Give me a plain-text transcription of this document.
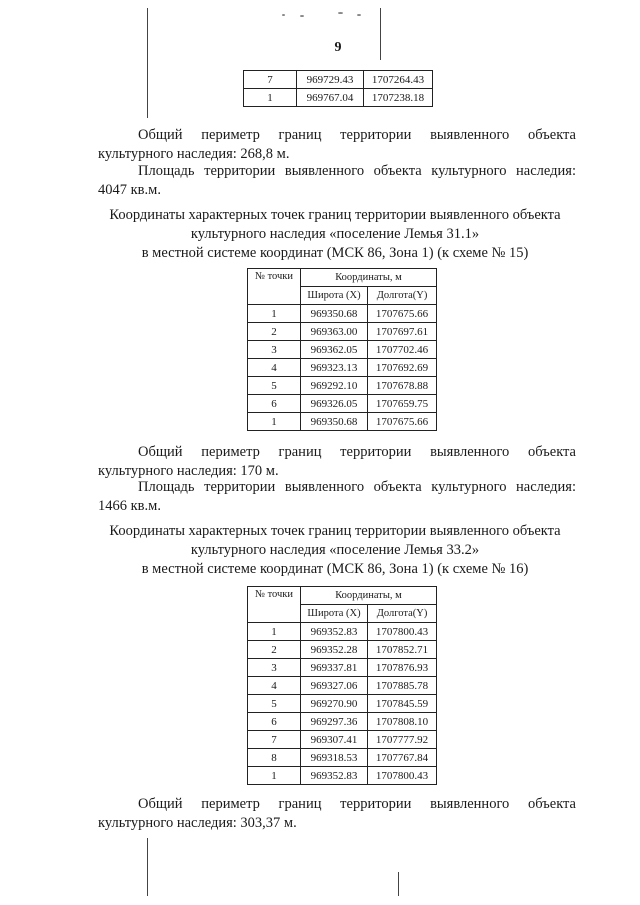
9
7	969729.43	1707264.43
1	969767.04	1707238.18

Общий периметр границ территории выявленного объекта
культурного наследия: 268,8 м.

Площадь территории выявленного объекта культурного наследия:
4047 кв.м.

Координаты характерных точек границ территории выявленного объекта
культурного наследия «поселение Лемья 31.1»
в местной системе координат (МСК 86, Зона 1) (к схеме № 15)
№ точки	Координаты, м	
	Широта (X)	Долгота(Y)
1	969350.68	1707675.66
2	969363.00	1707697.61
3	969362.05	1707702.46
4	969323.13	1707692.69
5	969292.10	1707678.88
6	969326.05	1707659.75
1	969350.68	1707675.66

Общий периметр границ территории выявленного объекта
культурного наследия: 170 м.

Площадь территории выявленного объекта культурного наследия:
1466 кв.м.

Координаты характерных точек границ территории выявленного объекта
культурного наследия «поселение Лемья 33.2»
в местной системе координат (МСК 86, Зона 1) (к схеме № 16)
№ точки	Координаты, м	
	Широта (X)	Долгота(Y)
1	969352.83	1707800.43
2	969352.28	1707852.71
3	969337.81	1707876.93
4	969327.06	1707885.78
5	969270.90	1707845.59
6	969297.36	1707808.10
7	969307.41	1707777.92
8	969318.53	1707767.84
1	969352.83	1707800.43

Общий периметр границ территории выявленного объекта
культурного наследия: 303,37 м.
